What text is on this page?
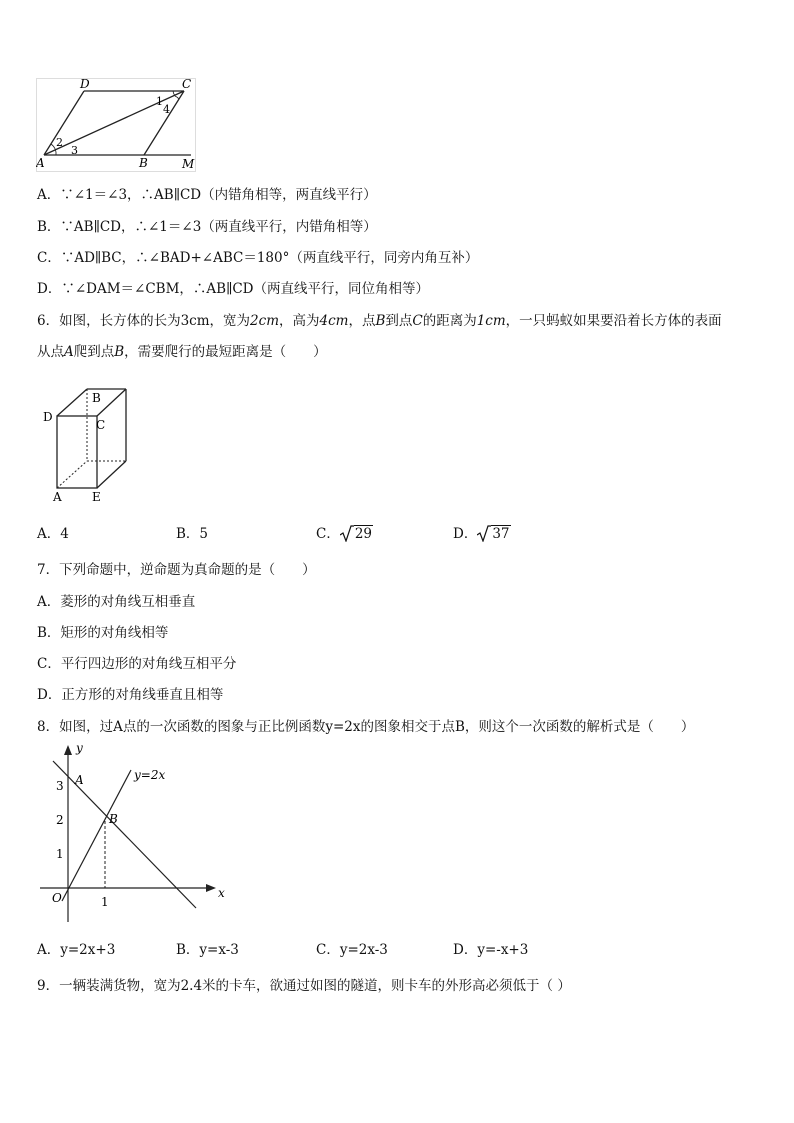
D	C
A	B	M
1
2
3
4
A．∵∠1＝∠3，∴AB∥CD（内错角相等，两直线平行）
B．∵AB∥CD，∴∠1＝∠3（两直线平行，内错角相等）
C．∵AD∥BC，∴∠BAD+∠ABC＝180°（两直线平行，同旁内角互补）
D．∵∠DAM＝∠CBM，∴AB∥CD（两直线平行，同位角相等）
6．如图，长方体的长为3cm，宽为2cm，高为4cm，点B到点C的距离为1cm，一只蚂蚁如果要沿着长方体的表面
从点A爬到点B，需要爬行的最短距离是（　　）
D
B
C
A	E
A．4	B．5	C． 29	D． 37
7．下列命题中，逆命题为真命题的是（　　）
A．菱形的对角线互相垂直
B．矩形的对角线相等
C．平行四边形的对角线互相平分
D．正方形的对角线垂直且相等
8．如图，过A点的一次函数的图象与正比例函数y=2x的图象相交于点B，则这个一次函数的解析式是（　　）
y
x
O
A
B
y=2x
1
2
3
1
A．y=2x+3	B．y=x-3	C．y=2x-3	D．y=-x+3
9．一辆装满货物，宽为2.4米的卡车，欲通过如图的隧道，则卡车的外形高必须低于（ ）
